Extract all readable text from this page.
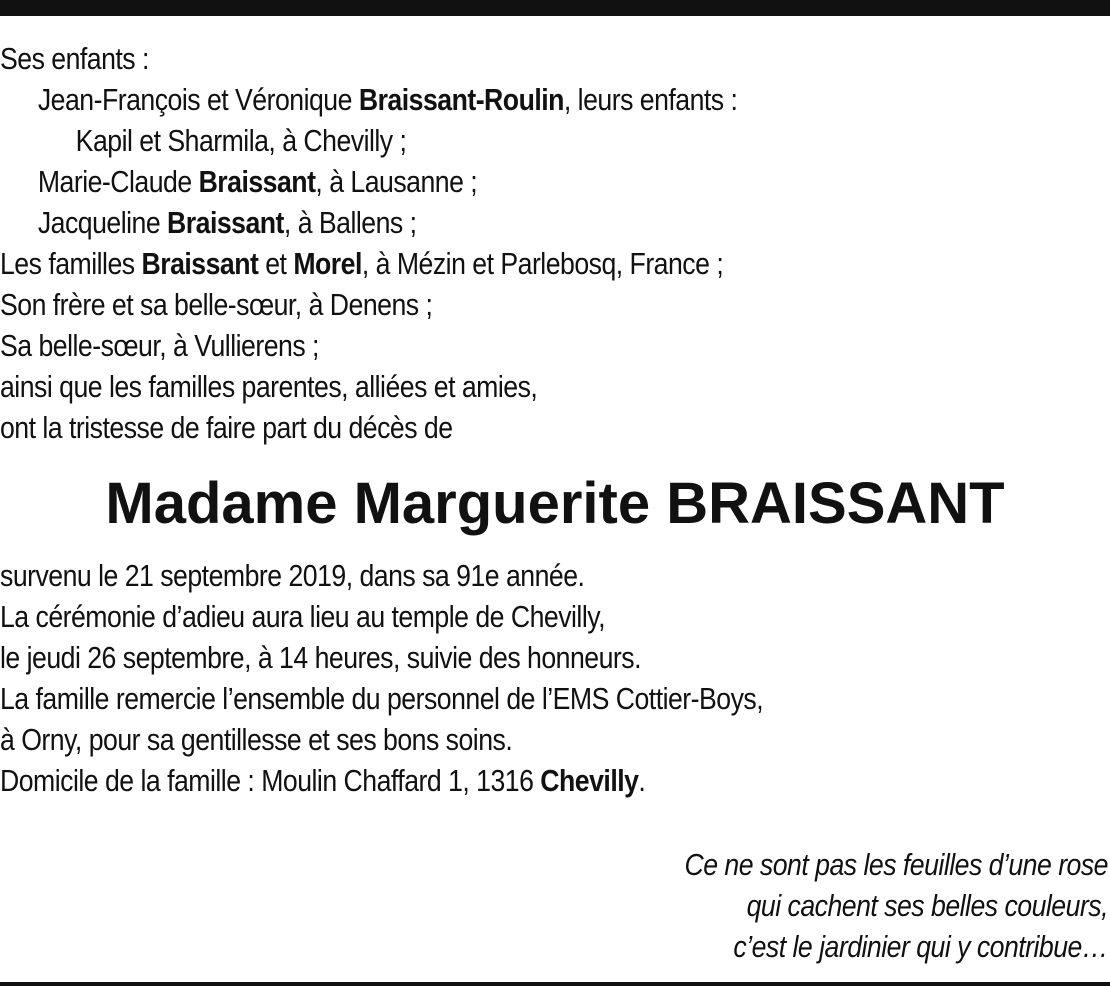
Ses enfants :
Jean-François et Véronique Braissant-Roulin, leurs enfants :
Kapil et Sharmila, à Chevilly ;
Marie-Claude Braissant, à Lausanne ;
Jacqueline Braissant, à Ballens ;
Les familles Braissant et Morel, à Mézin et Parlebosq, France ;
Son frère et sa belle-sœur, à Denens ;
Sa belle-sœur, à Vullierens ;
ainsi que les familles parentes, alliées et amies,
ont la tristesse de faire part du décès de
Madame Marguerite BRAISSANT
survenu le 21 septembre 2019, dans sa 91e année.
La cérémonie d’adieu aura lieu au temple de Chevilly,
le jeudi 26 septembre, à 14 heures, suivie des honneurs.
La famille remercie l’ensemble du personnel de l’EMS Cottier-Boys,
à Orny, pour sa gentillesse et ses bons soins.
Domicile de la famille : Moulin Chaffard 1, 1316 Chevilly.
Ce ne sont pas les feuilles d’une rose
qui cachent ses belles couleurs,
c’est le jardinier qui y contribue…
